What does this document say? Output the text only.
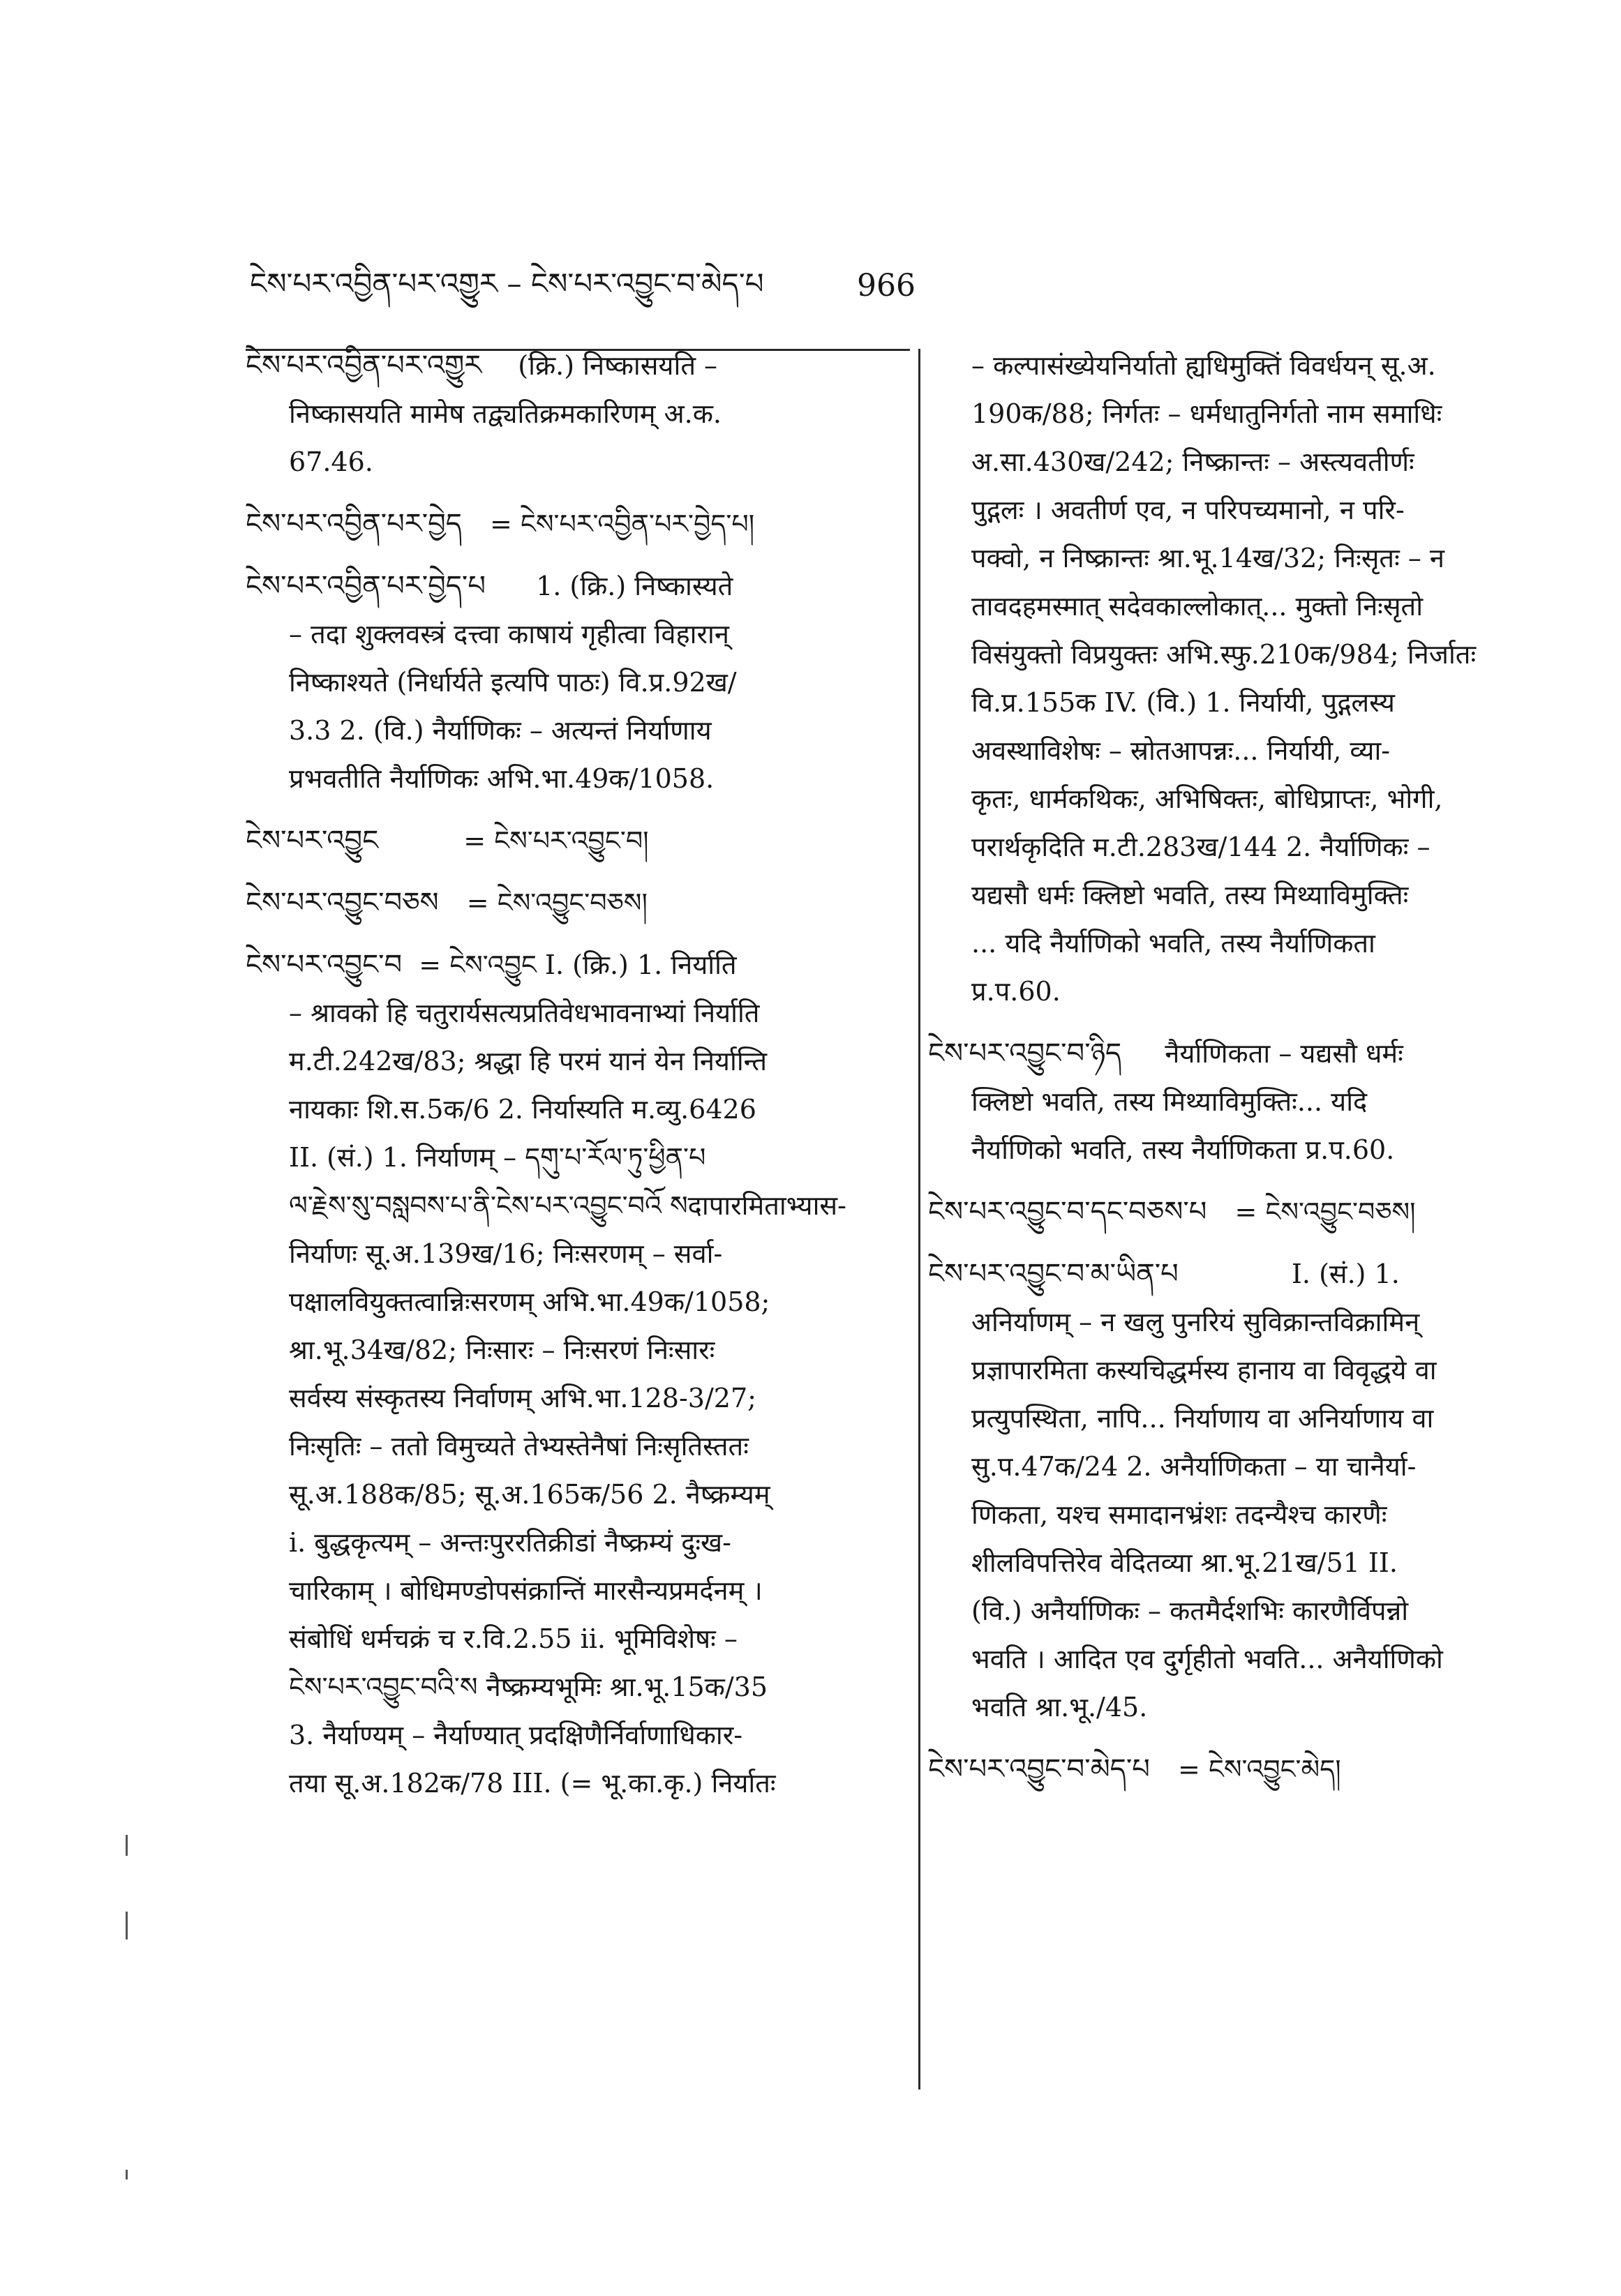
ངེས་པར་འབྱིན་པར་འགྱུར – ངེས་པར་འབྱུང་བ་མེད་པ	966
ངེས་པར་འབྱིན་པར་འགྱུར (क्रि.) निष्कासयति –
निष्कासयति मामेष तद्व्यतिक्रमकारिणम् अ.क.
67.46.
ངེས་པར་འབྱིན་པར་བྱེད = ངེས་པར་འབྱིན་པར་བྱེད་པ།
ངེས་པར་འབྱིན་པར་བྱེད་པ 1. (क्रि.) निष्कास्यते
– तदा शुक्लवस्त्रं दत्त्वा काषायं गृहीत्वा विहारान्
निष्काश्यते (निर्धार्यते इत्यपि पाठः) वि.प्र.92ख/
3.3 2. (वि.) नैर्याणिकः – अत्यन्तं निर्याणाय
प्रभवतीति नैर्याणिकः अभि.भा.49क/1058.
ངེས་པར་འབྱུང	= ངེས་པར་འབྱུང་བ།
ངེས་པར་འབྱུང་བཅས = ངེས་འབྱུང་བཅས།
ངེས་པར་འབྱུང་བ = ངེས་འབྱུང I. (क्रि.) 1. निर्याति
– श्रावको हि चतुरार्यसत्यप्रतिवेधभावनाभ्यां निर्याति
म.टी.242ख/83; श्रद्धा हि परमं यानं येन निर्यान्ति
नायकाः शि.स.5क/6 2. निर्यास्यति म.व्यु.6426
II. (सं.) 1. निर्याणम् – དགུ་པ་རོལ་ཏུ་ཕྱིན་པ
ལ་རྗེས་སུ་བསླབས་པ་ནི་ངེས་པར་འབྱུང་བའོ སदापारमिताभ्यास-
निर्याणः सू.अ.139ख/16; निःसरणम् – सर्वा-
पक्षालवियुक्तत्वान्निःसरणम् अभि.भा.49क/1058;
श्रा.भू.34ख/82; निःसारः – निःसरणं निःसारः
सर्वस्य संस्कृतस्य निर्वाणम् अभि.भा.128-3/27;
निःसृतिः – ततो विमुच्यते तेभ्यस्तेनैषां निःसृतिस्ततः
सू.अ.188क/85; सू.अ.165क/56 2. नैष्क्रम्यम्
i. बुद्धकृत्यम् – अन्तःपुररतिक्रीडां नैष्क्रम्यं दुःख-
चारिकाम् । बोधिमण्डोपसंक्रान्तिं मारसैन्यप्रमर्दनम् ।
संबोधिं धर्मचक्रं च र.वि.2.55 ii. भूमिविशेषः –
ངེས་པར་འབྱུང་བའི་ས नैष्क्रम्यभूमिः श्रा.भू.15क/35
3. नैर्याण्यम् – नैर्याण्यात् प्रदक्षिणैर्निर्वाणाधिकार-
तया सू.अ.182क/78 III. (= भू.का.कृ.) निर्यातः
– कल्पासंख्येयनिर्यातो ह्यधिमुक्तिं विवर्धयन् सू.अ.
190क/88; निर्गतः – धर्मधातुनिर्गतो नाम समाधिः
अ.सा.430ख/242; निष्क्रान्तः – अस्त्यवतीर्णः
पुद्गलः । अवतीर्ण एव, न परिपच्यमानो, न परि-
पक्वो, न निष्क्रान्तः श्रा.भू.14ख/32; निःसृतः – न
तावदहमस्मात् सदेवकाल्लोकात्... मुक्तो निःसृतो
विसंयुक्तो विप्रयुक्तः अभि.स्फु.210क/984; निर्जातः
वि.प्र.155क IV. (वि.) 1. निर्यायी, पुद्गलस्य
अवस्थाविशेषः – स्रोतआपन्नः... निर्यायी, व्या-
कृतः, धार्मकथिकः, अभिषिक्तः, बोधिप्राप्तः, भोगी,
परार्थकृदिति म.टी.283ख/144 2. नैर्याणिकः –
यद्यसौ धर्मः क्लिष्टो भवति, तस्य मिथ्याविमुक्तिः
... यदि नैर्याणिको भवति, तस्य नैर्याणिकता
प्र.प.60.
ངེས་པར་འབྱུང་བ་ཉིད नैर्याणिकता – यद्यसौ धर्मः
क्लिष्टो भवति, तस्य मिथ्याविमुक्तिः... यदि
नैर्याणिको भवति, तस्य नैर्याणिकता प्र.प.60.
ངེས་པར་འབྱུང་བ་དང་བཅས་པ = ངེས་འབྱུང་བཅས།
ངེས་པར་འབྱུང་བ་མ་ཡིན་པ	I. (सं.) 1.
अनिर्याणम् – न खलु पुनरियं सुविक्रान्तविक्रामिन्
प्रज्ञापारमिता कस्यचिद्धर्मस्य हानाय वा विवृद्धये वा
प्रत्युपस्थिता, नापि... निर्याणाय वा अनिर्याणाय वा
सु.प.47क/24 2. अनैर्याणिकता – या चानैर्या-
णिकता, यश्च समादानभ्रंशः तदन्यैश्च कारणैः
शीलविपत्तिरेव वेदितव्या श्रा.भू.21ख/51 II.
(वि.) अनैर्याणिकः – कतमैर्दशभिः कारणैर्विपन्नो
भवति । आदित एव दुर्गृहीतो भवति... अनैर्याणिको
भवति श्रा.भू./45.
ངེས་པར་འབྱུང་བ་མེད་པ = ངེས་འབྱུང་མེད།
